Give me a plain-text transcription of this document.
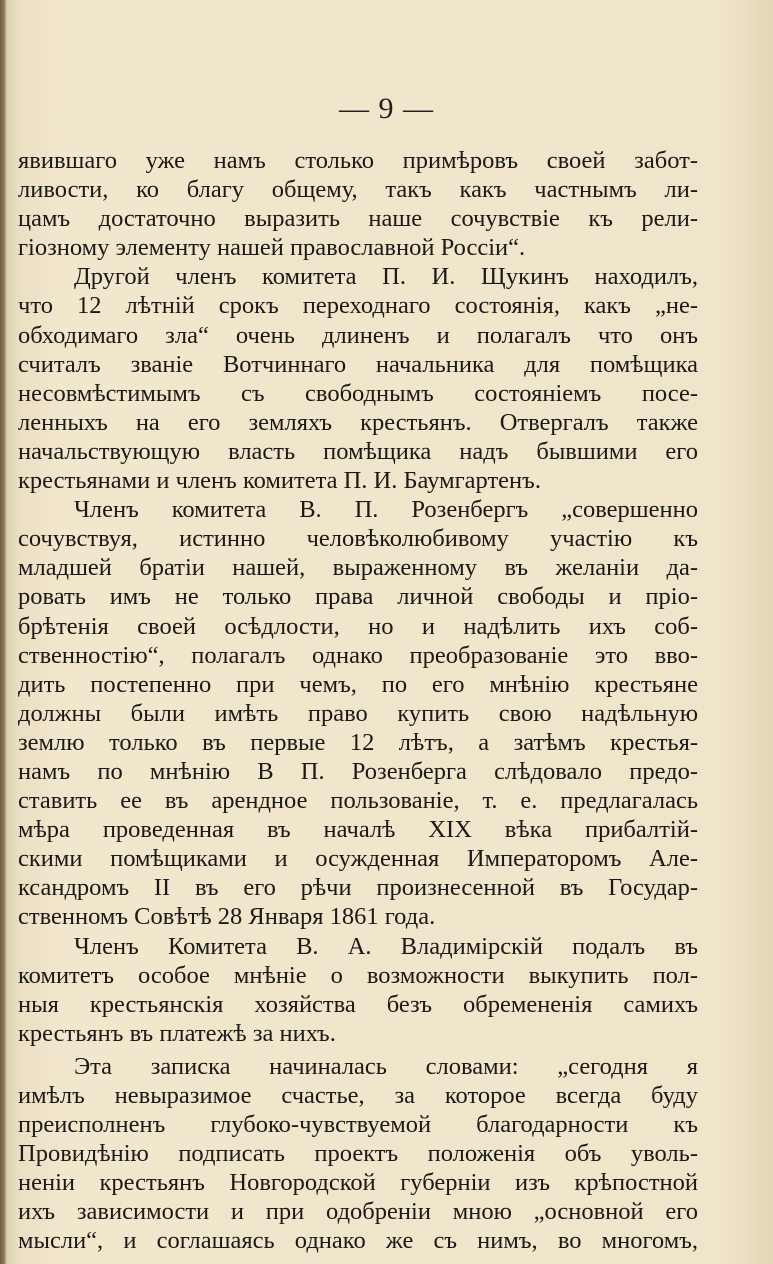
— 9 —
явившаго уже намъ столько примѣровъ своей забот-
ливости, ко благу общему, такъ какъ частнымъ ли-
цамъ достаточно выразить наше сочувствіе къ рели-
гіозному элементу нашей православной Россіи“.
Другой членъ комитета П. И. Щукинъ находилъ,
что 12 лѣтній срокъ переходнаго состоянія, какъ „не-
обходимаго зла“ очень длиненъ и полагалъ что онъ
считалъ званіе Вотчиннаго начальника для помѣщика
несовмѣстимымъ съ свободнымъ состояніемъ посе-
ленныхъ на его земляхъ крестьянъ. Отвергалъ также
начальствующую власть помѣщика надъ бывшими его
крестьянами и членъ комитета П. И. Баумгартенъ.
Членъ комитета В. П. Розенбергъ „совершенно
сочувствуя, истинно человѣколюбивому участію къ
младшей братіи нашей, выраженному въ желаніи да-
ровать имъ не только права личной свободы и пріо-
брѣтенія своей осѣдлости, но и надѣлить ихъ соб-
ственностію“, полагалъ однако преобразованіе это вво-
дить постепенно при чемъ, по его мнѣнію крестьяне
должны были имѣть право купить свою надѣльную
землю только въ первые 12 лѣтъ, а затѣмъ крестья-
намъ по мнѣнію В П. Розенберга слѣдовало предо-
ставить ее въ арендное пользованіе, т. е. предлагалась
мѣра проведенная въ началѣ XIX вѣка прибалтій-
скими помѣщиками и осужденная Императоромъ Але-
ксандромъ II въ его рѣчи произнесенной въ Государ-
ственномъ Совѣтѣ 28 Января 1861 года.
Членъ Комитета В. А. Владимірскій подалъ въ
комитетъ особое мнѣніе о возможности выкупить пол-
ныя крестьянскія хозяйства безъ обремененія самихъ
крестьянъ въ платежѣ за нихъ.
Эта записка начиналась словами: „сегодня я
имѣлъ невыразимое счастье, за которое всегда буду
преисполненъ глубоко-чувствуемой благодарности къ
Провидѣнію подписать проектъ положенія объ уволь-
неніи крестьянъ Новгородской губерніи изъ крѣпостной
ихъ зависимости и при одобреніи мною „основной его
мысли“, и соглашаясь однако же съ нимъ, во многомъ,
